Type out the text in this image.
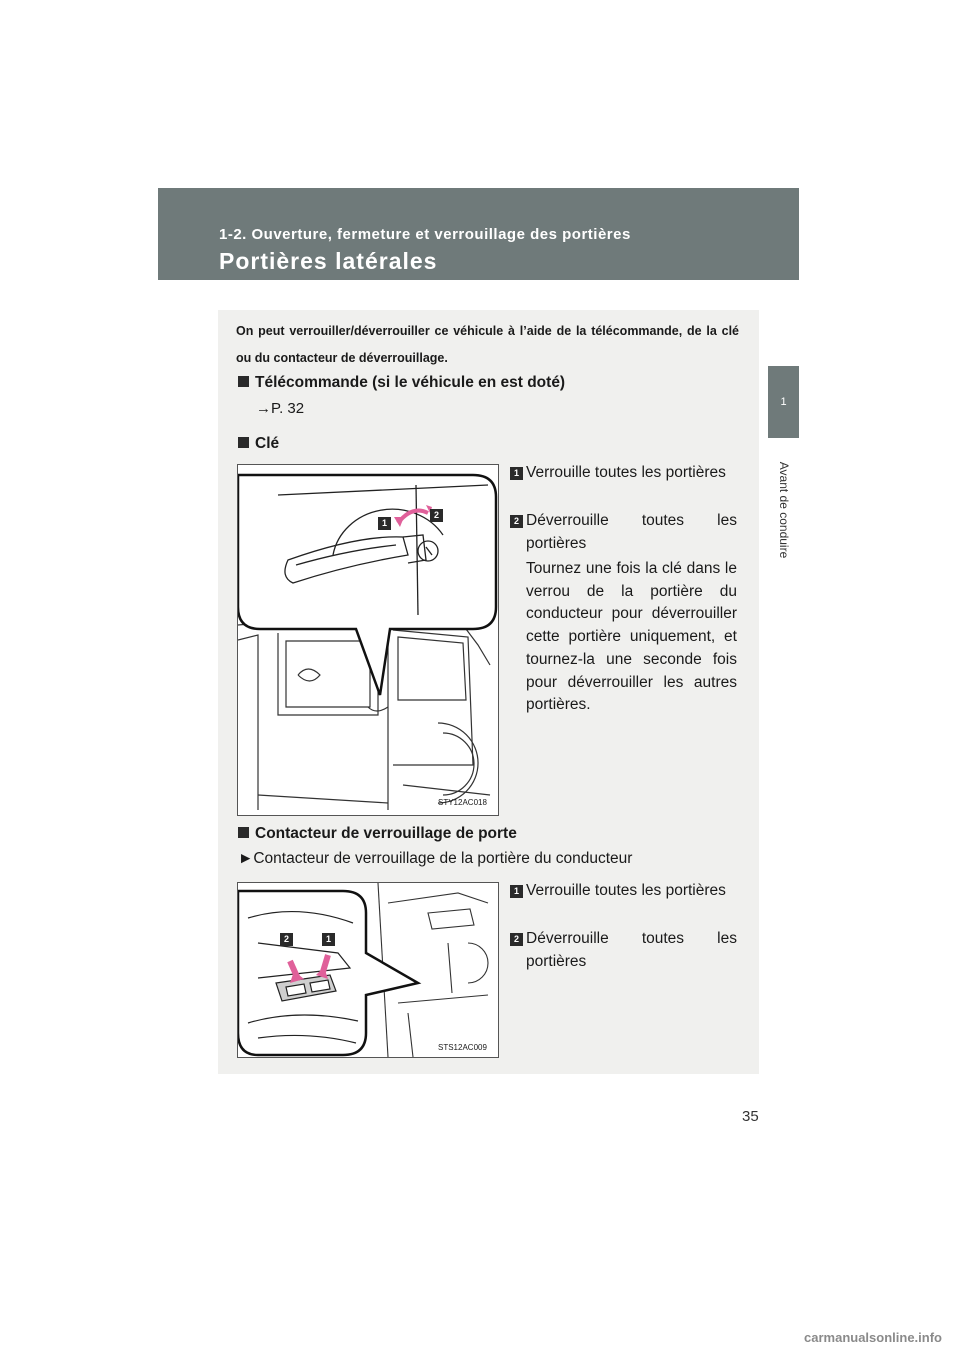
1-2. Ouverture, fermeture et verrouillage des portières
Portières latérales
1
Avant de conduire
On peut verrouiller/déverrouiller ce véhicule à l’aide de la télécommande, de la clé ou du contacteur de déverrouillage.
Télécommande (si le véhicule en est doté)
→P. 32
Clé
1
2
STY12AC018
1 Verrouille toutes les portières
2 Déverrouille toutes les portières
Tournez une fois la clé dans le verrou de la portière du conducteur pour déverrouiller cette portière uniquement, et tournez-la une seconde fois pour déverrouiller les autres portières.
Contacteur de verrouillage de porte
►Contacteur de verrouillage de la portière du conducteur
2	1
STS12AC009
1 Verrouille toutes les portières
2 Déverrouille toutes les portières
35
carmanualsonline.info
